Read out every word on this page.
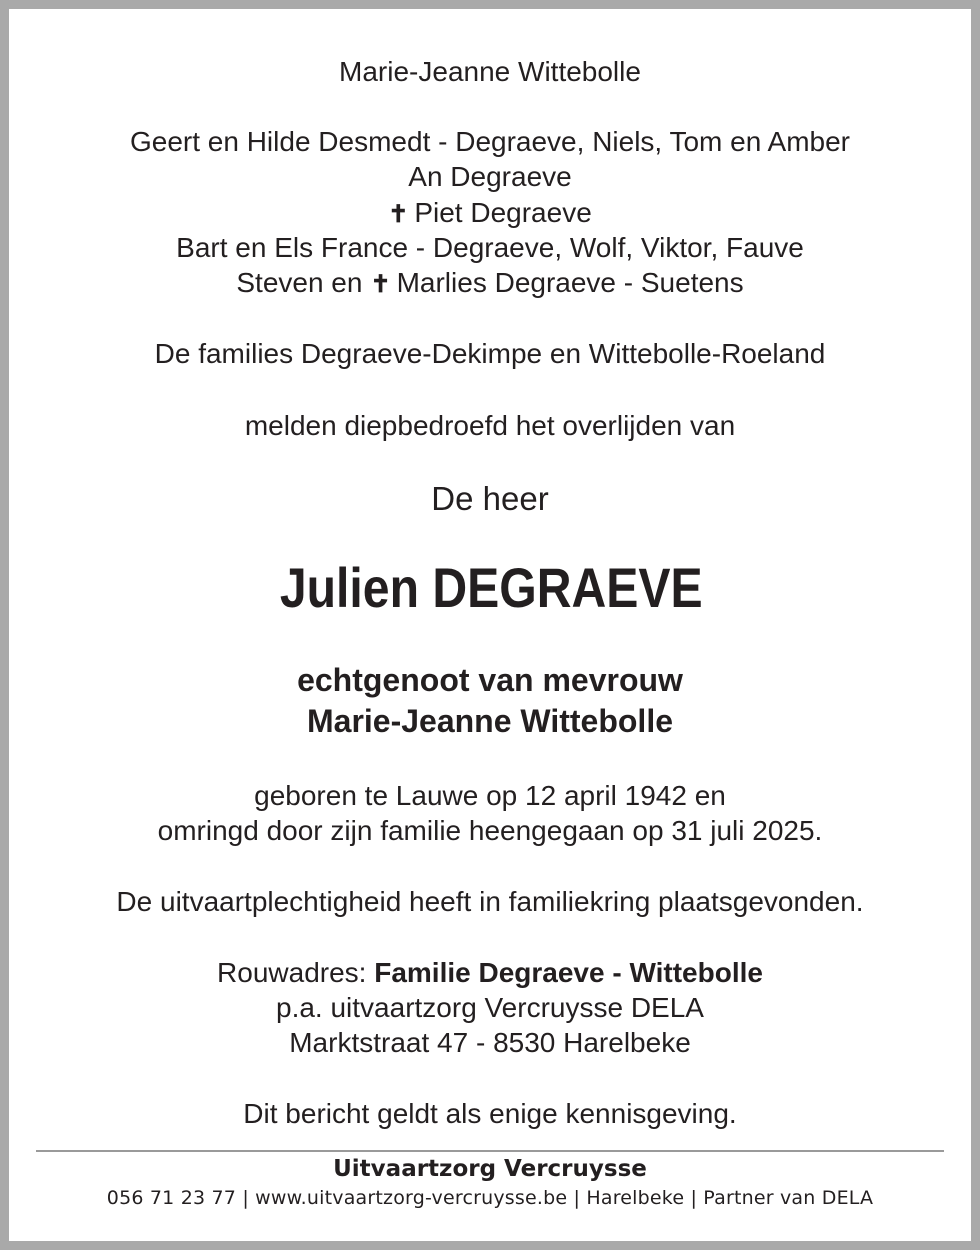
Marie-Jeanne Wittebolle
Geert en Hilde Desmedt - Degraeve, Niels, Tom en Amber
An Degraeve
✝ Piet Degraeve
Bart en Els France - Degraeve, Wolf, Viktor, Fauve
Steven en ✝ Marlies Degraeve - Suetens
De families Degraeve-Dekimpe en Wittebolle-Roeland
melden diepbedroefd het overlijden van
De heer
Julien DEGRAEVE
echtgenoot van mevrouw
Marie-Jeanne Wittebolle
geboren te Lauwe op 12 april 1942 en
omringd door zijn familie heengegaan op 31 juli 2025.
De uitvaartplechtigheid heeft in familiekring plaatsgevonden.
Rouwadres: Familie Degraeve - Wittebolle
p.a. uitvaartzorg Vercruysse DELA
Marktstraat 47 - 8530 Harelbeke
Dit bericht geldt als enige kennisgeving.
Uitvaartzorg Vercruysse
056 71 23 77 | www.uitvaartzorg-vercruysse.be | Harelbeke | Partner van DELA
